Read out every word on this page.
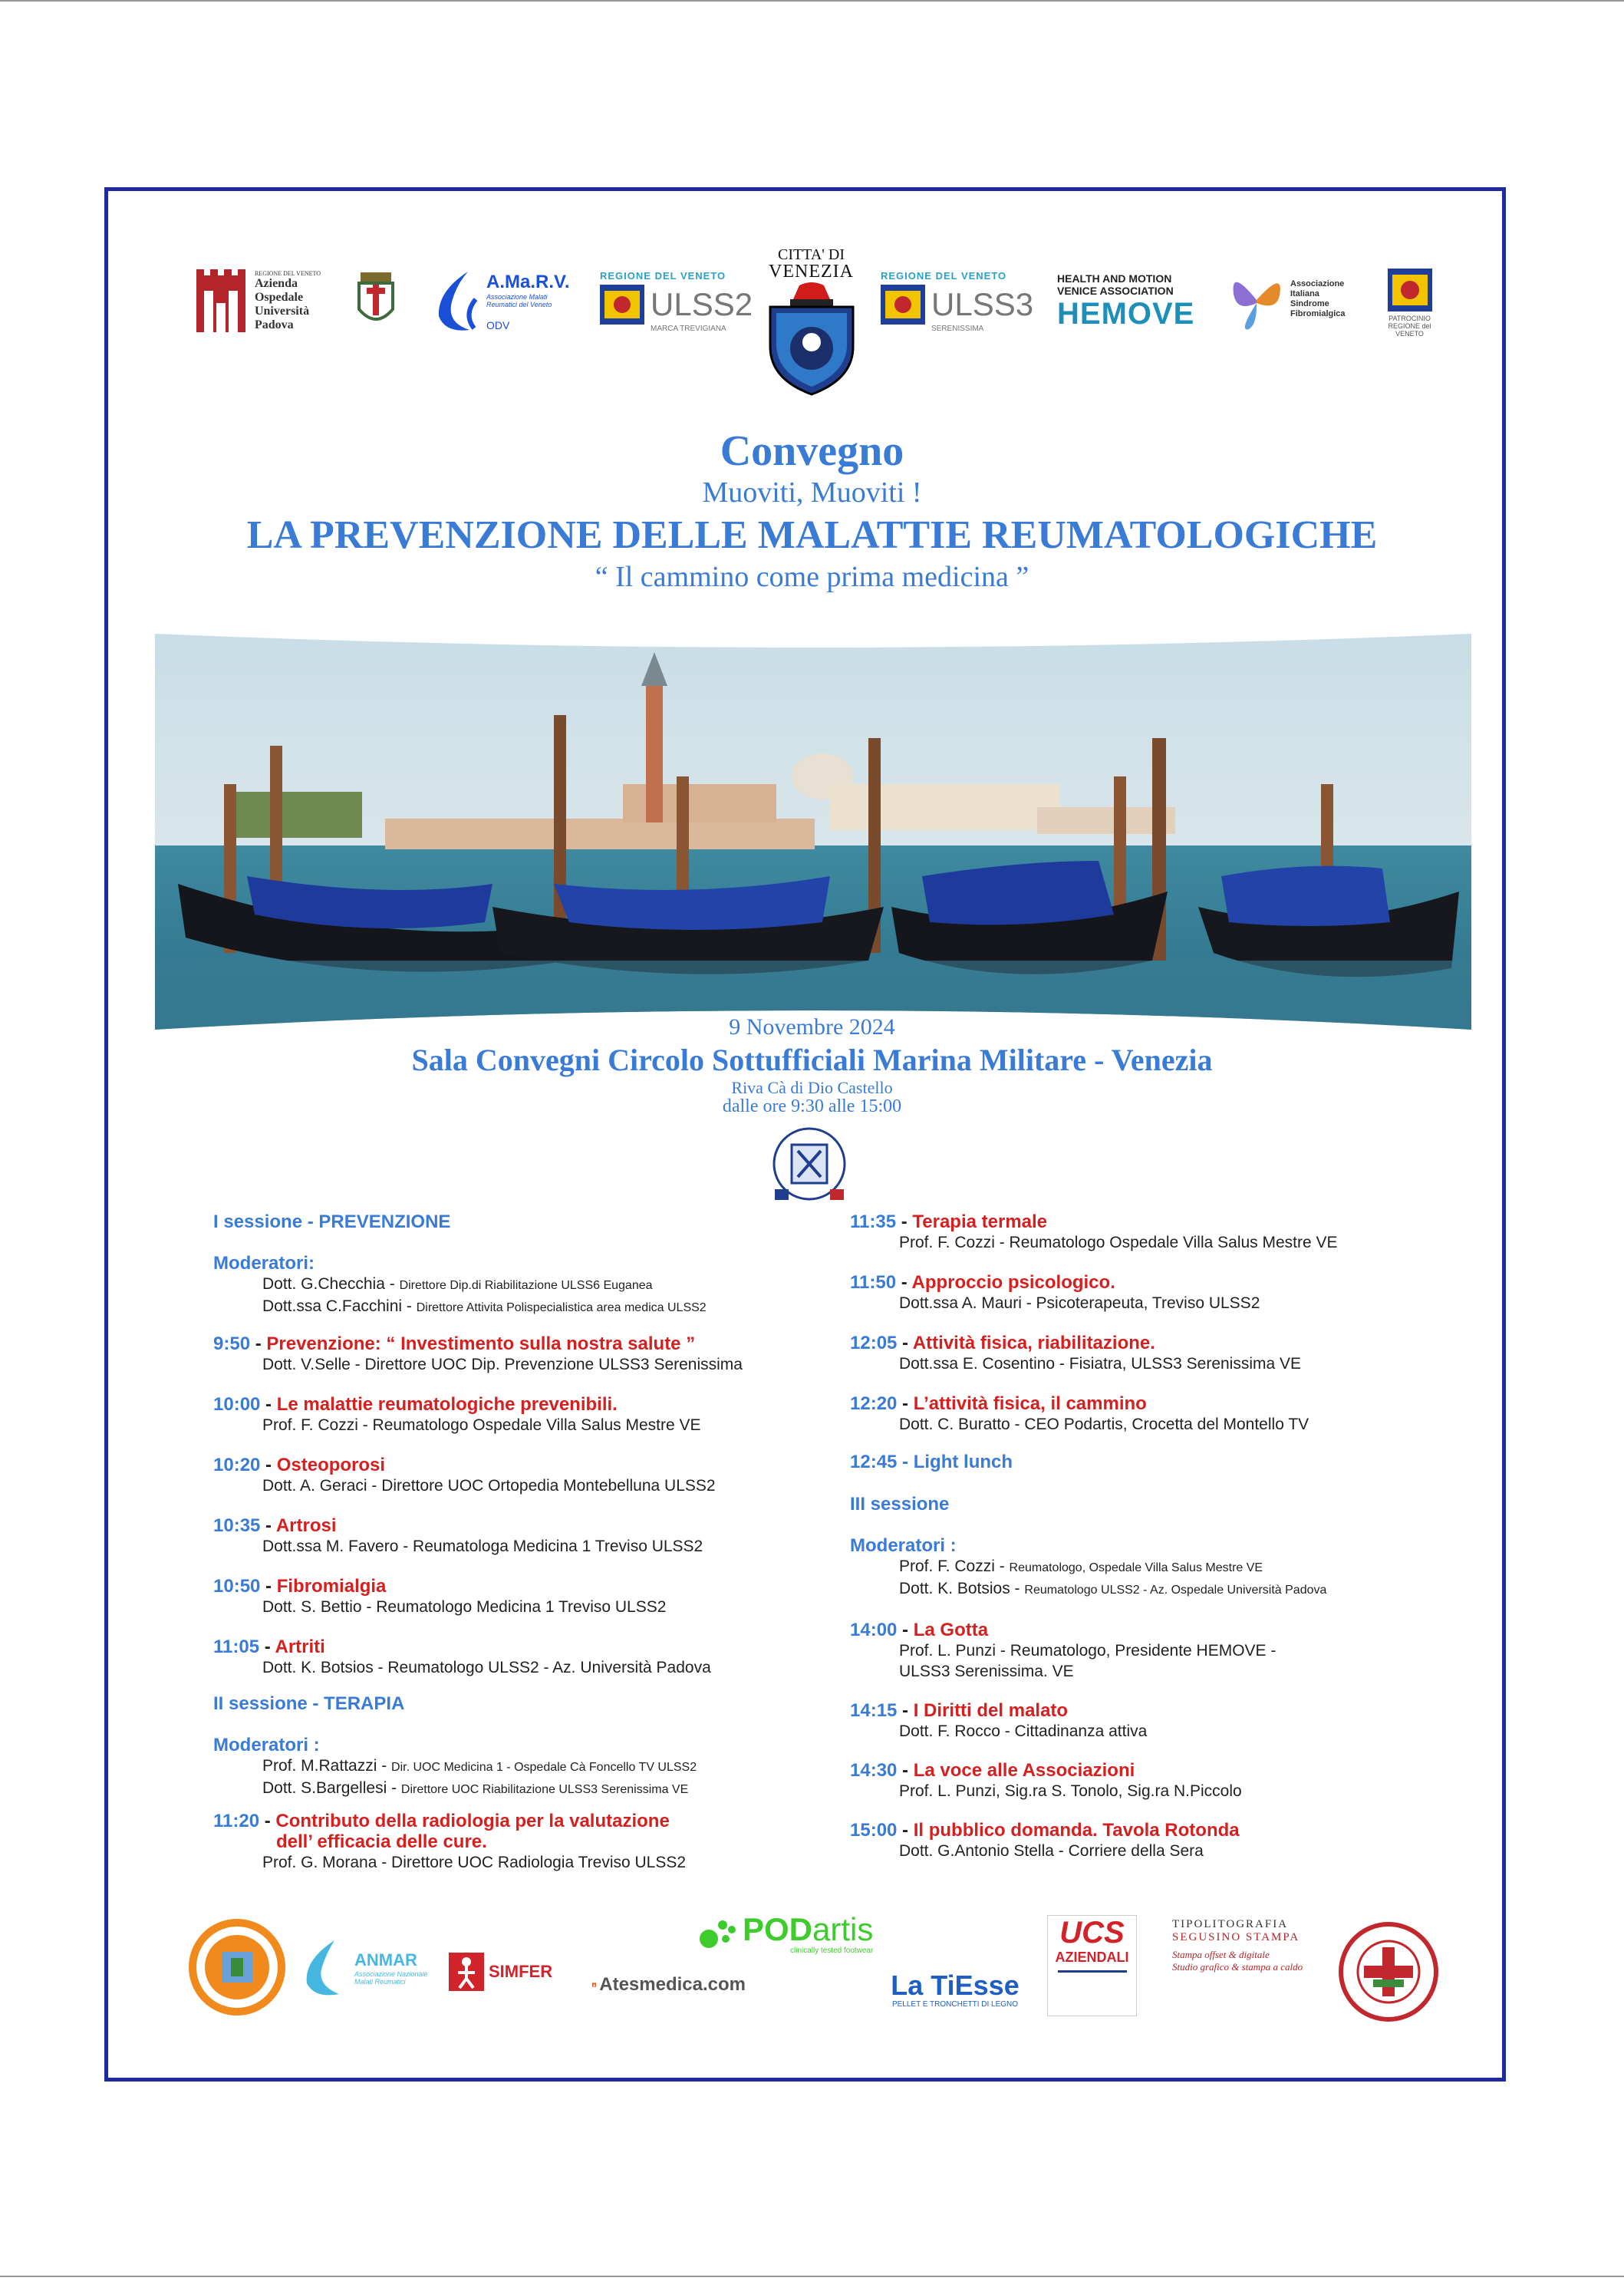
REGIONE DEL VENETO
Azienda
Ospedale
Università
Padova
A.Ma.R.V.
Associazione Malati Reumatici del Veneto
ODV
REGIONE DEL VENETO
ULSS2
MARCA TREVIGIANA
CITTA' DI
VENEZIA	REGIONE DEL VENETO
ULSS3
SERENISSIMA
HEALTH AND MOTION
VENICE ASSOCIATION
HEMOVE
Associazione Italiana Sindrome Fibromialgica	PATROCINIO REGIONE del VENETO
Convegno
Muoviti, Muoviti !
LA PREVENZIONE DELLE MALATTIE REUMATOLOGICHE
“ Il cammino come prima medicina ”
9 Novembre 2024
Sala Convegni Circolo Sottufficiali Marina Militare - Venezia
Riva Cà di Dio Castello
dalle ore 9:30 alle 15:00
I sessione - PREVENZIONE
Moderatori:
Dott. G.Checchia - Direttore Dip.di Riabilitazione ULSS6 Euganea
Dott.ssa C.Facchini - Direttore Attivita Polispecialistica area medica ULSS2
9:50 - Prevenzione: “ Investimento sulla nostra salute ”
Dott. V.Selle - Direttore UOC Dip. Prevenzione ULSS3 Serenissima
10:00 - Le malattie reumatologiche prevenibili.
Prof. F. Cozzi - Reumatologo Ospedale Villa Salus Mestre VE
10:20 - Osteoporosi
Dott. A. Geraci - Direttore UOC Ortopedia Montebelluna ULSS2
10:35 - Artrosi
Dott.ssa M. Favero - Reumatologa Medicina 1 Treviso ULSS2
10:50 - Fibromialgia
Dott. S. Bettio - Reumatologo Medicina 1 Treviso ULSS2
11:05 - Artriti
Dott. K. Botsios - Reumatologo ULSS2 - Az. Università Padova
II sessione - TERAPIA
Moderatori :
Prof. M.Rattazzi - Dir. UOC Medicina 1 - Ospedale Cà Foncello TV ULSS2
Dott. S.Bargellesi - Direttore UOC Riabilitazione ULSS3 Serenissima VE
11:20 - Contributo della radiologia per la valutazione
dell’ efficacia delle cure.
Prof. G. Morana - Direttore UOC Radiologia Treviso ULSS2
11:35 - Terapia termale
Prof. F. Cozzi - Reumatologo Ospedale Villa Salus Mestre VE
11:50 - Approccio psicologico.
Dott.ssa A. Mauri - Psicoterapeuta, Treviso ULSS2
12:05 - Attività fisica, riabilitazione.
Dott.ssa E. Cosentino - Fisiatra, ULSS3 Serenissima VE
12:20 - L’attività fisica, il cammino
Dott. C. Buratto - CEO Podartis, Crocetta del Montello TV
12:45 - Light lunch
III sessione
Moderatori :
Prof. F. Cozzi - Reumatologo, Ospedale Villa Salus Mestre VE
Dott. K. Botsios - Reumatologo ULSS2 - Az. Ospedale Università Padova
14:00 - La Gotta
Prof. L. Punzi - Reumatologo, Presidente HEMOVE -
ULSS3 Serenissima. VE
14:15 - I Diritti del malato
Dott. F. Rocco - Cittadinanza attiva
14:30 - La voce alle Associazioni
Prof. L. Punzi, Sig.ra S. Tonolo, Sig.ra N.Piccolo
15:00 - Il pubblico domanda. Tavola Rotonda
Dott. G.Antonio Stella - Corriere della Sera
ANMAR
Associazione Nazionale Malati Reumatici
SIMFER
Atesmedica.com
PODartis
clinically tested footwear
La TiEsse
PELLET E TRONCHETTI DI LEGNO
UCS
AZIENDALI
TIPOLITOGRAFIA
SEGUSINO STAMPA
Stampa offset & digitale
Studio grafico & stampa a caldo
